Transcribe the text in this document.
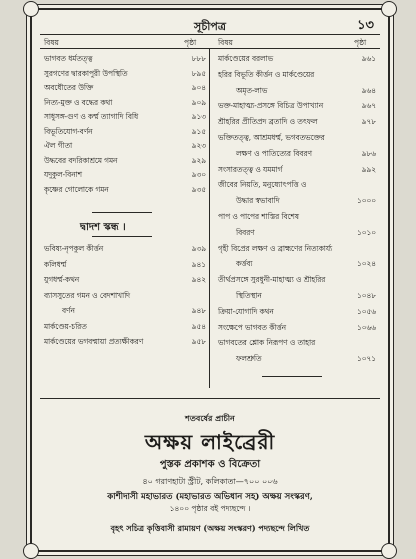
সূচীপত্র	১৩
বিষয়	পৃষ্ঠা	বিষয়	পৃষ্ঠা
ভাগবত ধর্মতত্ত্ব	৮৮৮
সুরগণের দ্বারকাপুরী উপস্থিতি	৮৯৫
অবধৌতের উক্তি	৯০৪
নিত্য-মুক্ত ও বদ্ধের কথা	৯০৯
সাধুসঙ্গ-গুণ ও কর্ম্ম ত্যাগাদি বিধি	৯১৩
বিভূতিযোগ-বর্ণন	৯১৫
ঐল গীতা	৯২৩
উদ্ধবের বদরিকাশ্রমে গমন	৯২৯
যদুকুল-বিনাশ	৯৩০
কৃষ্ণের গোলোকে গমন	৯৩৫
দ্বাদশ স্কন্ধ ।
ভবিষ্য-নৃপকুল কীর্ত্তন	৯৩৯
কলিধর্ম্ম	৯৪১
যুগধর্ম্ম-কথন	৯৪২
ব্যাসসুতের গমন ও বেদশাখাদি
বর্ণন	৯৪৮
মার্কণ্ডেয়-চরিত	৯৫৪
মার্কণ্ডেয়ের ভগবন্মায়া প্রত্যক্ষীকরণ	৯৫৮
মার্কণ্ডেয়ের বরলাভ	৯৬১
হরির বিভূতি কীর্ত্তন ও মার্কণ্ডেয়ের
অমৃত-লাভ	৯৬৪
ভক্ত-মাহাত্ম্য-প্রসঙ্গে বিচিত্র উপাখ্যান	৯৬৭
শ্রীহরির প্রীতিপ্রদ ব্রতাদি ও তৎফল	৯৭৮
ভক্তিতত্ত্ব, আশ্রমধর্ম্ম, ভগবতভক্তের
লক্ষণ ও পাতিত্যের বিবরণ	৯৮৬
সংসারতত্ত্ব ও যমমার্গ	৯৯২
জীবের নিয়তি, মনুষ্যোৎপত্তি ও
উদ্ধার স্বভাবাদি	১০০০
পাপ ও পাপের শাস্তির বিশেষ
বিবরণ	১০১০
গৃহী বিপ্রের লক্ষণ ও ব্রাহ্মণের নিত্যকার্য্য
কর্ত্তব্য	১০২৪
তীর্থপ্রসঙ্গে সুরধুনী-মাহাত্ম্য ও শ্রীহরির
স্থিতিস্থান	১০৪৮
ক্রিয়া-যোগাদি কথন	১০৫৬
সংক্ষেপে ভাগবত কীর্ত্তন	১০৬৬
ভাগবতের শ্লোক নিরূপণ ও তাহার
ফলশ্রুতি	১০৭১
শতবর্ষের প্রাচীন
অক্ষয় লাইব্রেরী
পুস্তক প্রকাশক ও বিক্রেতা
৪০ গরাণহাটা স্ট্রীট, কলিকাতা—৭০০ ০০৬
কাশীদাসী মহাভারত (মহাভারত অভিধান সহ) অক্ষয় সংস্করণ,
১৪০০ পৃষ্ঠার বই পদ্যছন্দে ।
বৃহৎ সচিত্র কৃত্তিবাসী রামায়ণ (অক্ষয় সংস্করণ) পদ্যছন্দে লিখিত
